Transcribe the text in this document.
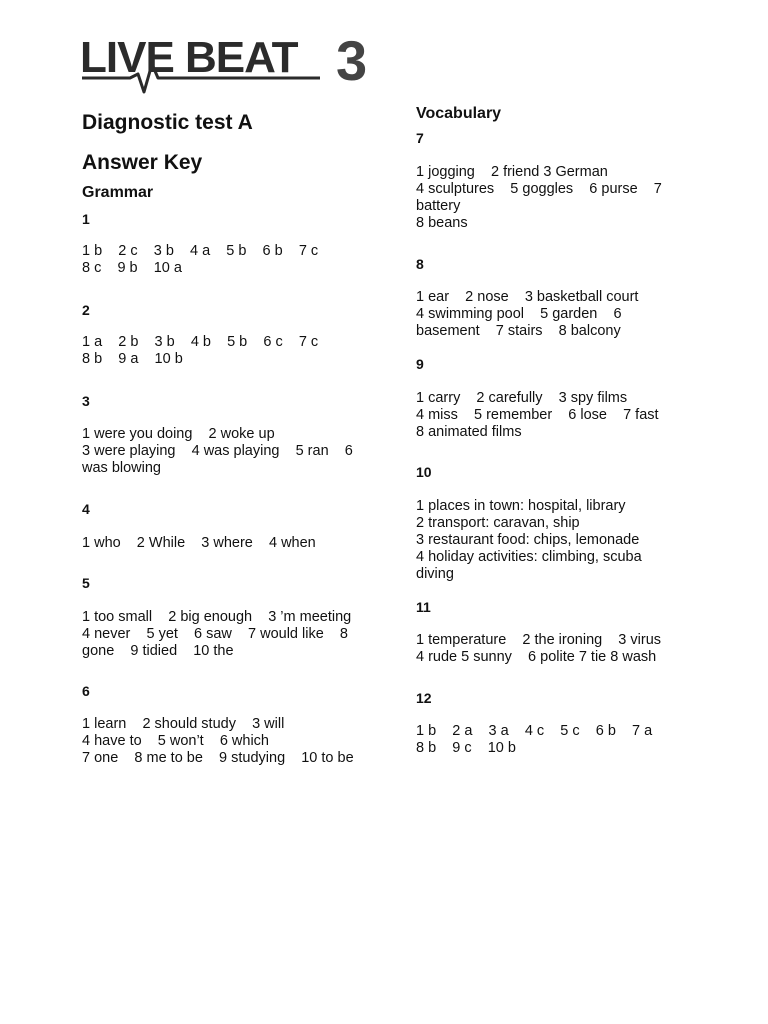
LIVE BEAT 3
Diagnostic test A
Answer Key
Grammar
1
1 b    2 c    3 b    4 a    5 b    6 b    7 c
8 c    9 b    10 a
2
1 a    2 b    3 b    4 b    5 b    6 c    7 c
8 b    9 a    10 b
3
1 were you doing    2 woke up
3 were playing    4 was playing    5 ran    6
was blowing
4
1 who    2 While    3 where    4 when
5
1 too small    2 big enough    3 ’m meeting
4 never    5 yet    6 saw    7 would like    8
gone    9 tidied    10 the
6
1 learn    2 should study    3 will
4 have to    5 won’t    6 which
7 one    8 me to be    9 studying    10 to be
Vocabulary
7
1 jogging    2 friend 3 German
4 sculptures    5 goggles    6 purse    7
battery
8 beans
8
1 ear    2 nose    3 basketball court
4 swimming pool    5 garden    6
basement    7 stairs    8 balcony
9
1 carry    2 carefully    3 spy films
4 miss    5 remember    6 lose    7 fast
8 animated films
10
1 places in town: hospital, library
2 transport: caravan, ship
3 restaurant food: chips, lemonade
4 holiday activities: climbing, scuba
diving
11
1 temperature    2 the ironing    3 virus
4 rude 5 sunny    6 polite 7 tie 8 wash
12
1 b    2 a    3 a    4 c    5 c    6 b    7 a
8 b    9 c    10 b
